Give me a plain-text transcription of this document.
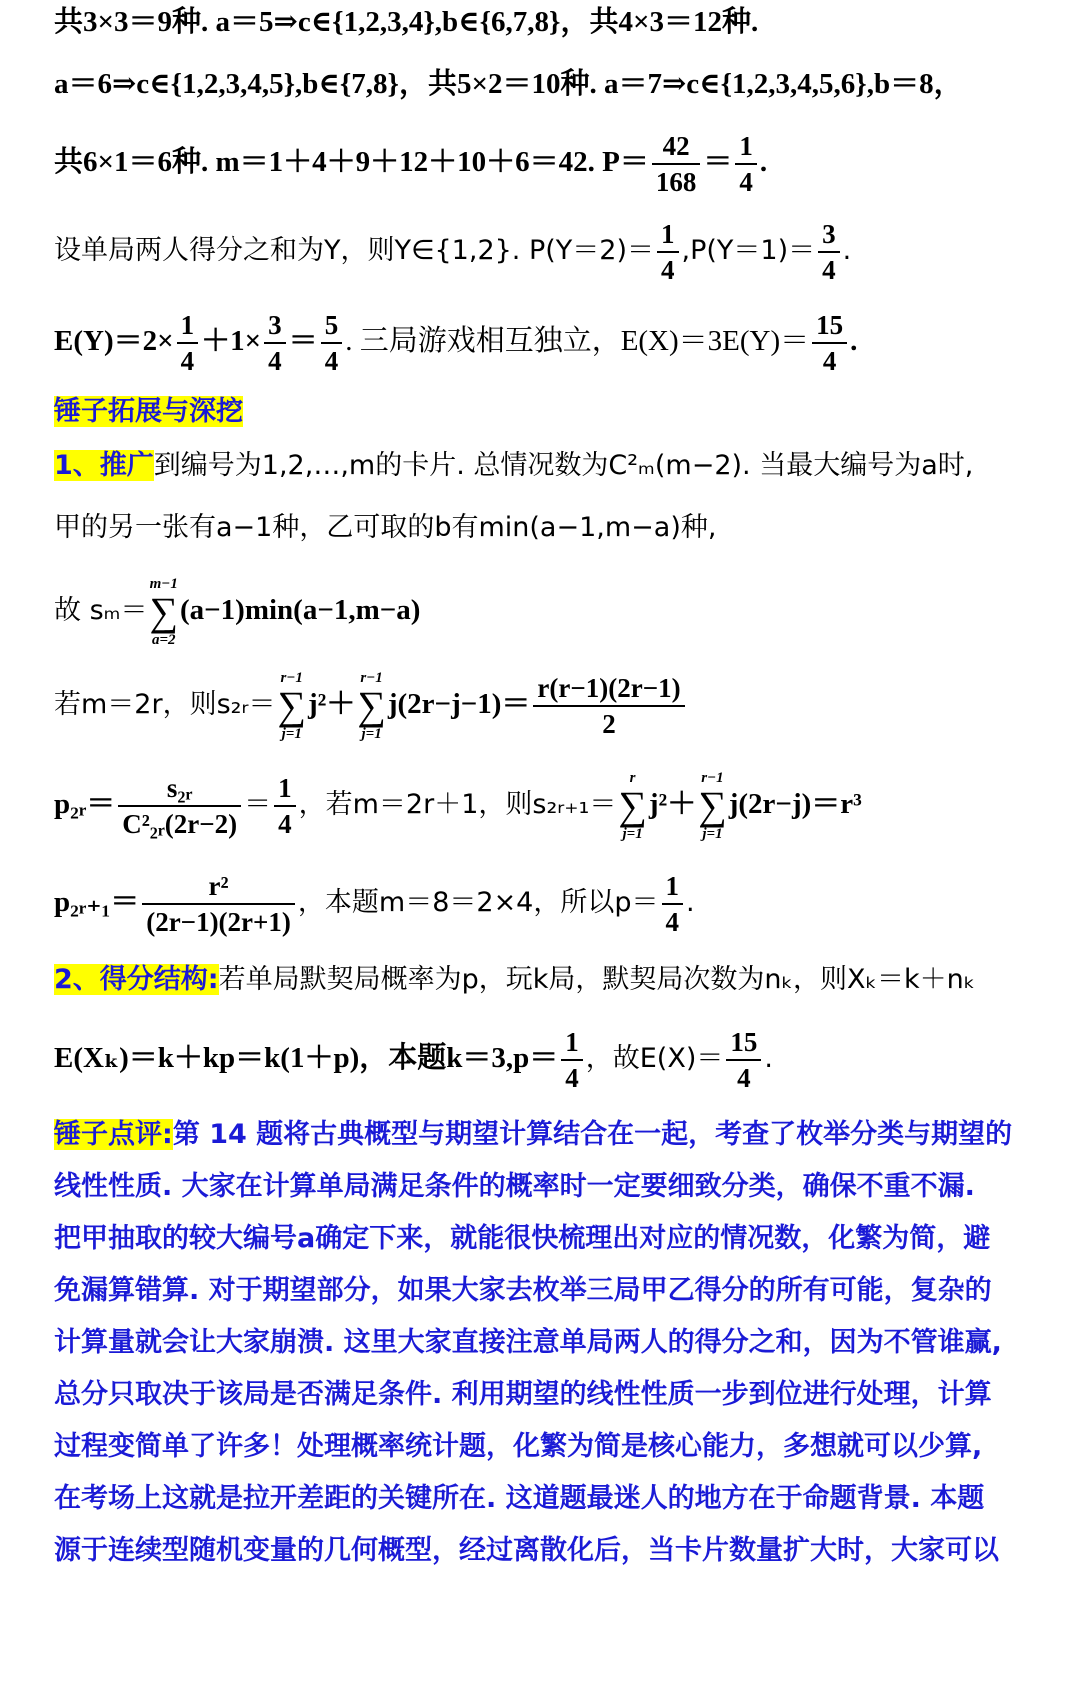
共3×3＝9种. a＝5⇒c∈{1,2,3,4},b∈{6,7,8}，共4×3＝12种.
a＝6⇒c∈{1,2,3,4,5},b∈{7,8}，共5×2＝10种. a＝7⇒c∈{1,2,3,4,5,6},b＝8，
共6×1＝6种. m＝1＋4＋9＋12＋10＋6＝42. $P= \frac{42}{168} = \frac{1}{4}$ .
设单局两人得分之和为Y，则Y∈{1,2}. $P(Y=2)= \frac{1}{4} ,P(Y=1)= \frac{3}{4}$ .
$E(Y)=2\times \frac{1}{4} +1\times \frac{3}{4} = \frac{5}{4}$ . 三局游戏相互独立，$E(X)=3E(Y)= \frac{15}{4}$ .
锤子拓展与深挖
1、推广到编号为1,2,…,m的卡片. 总情况数为C²ₘ(m−2). 当最大编号为a时,
甲的另一张有a−1种，乙可取的b有min(a−1,m−a)种,
故 sₘ＝
m−1
∑
a=2
(a−1)min(a−1,m−a)
若m＝2r，则s₂ᵣ＝
r−1
∑
j=1
j²＋
r−1
∑
j=1
$j(2r-j-1)= \frac{r(r-1)(2r-1)}{2}$
p₂ᵣ＝ $\frac{\text{s₂ᵣ}}{\text{C²₂ᵣ(2r−2)}} = \frac{1}{4}$ ，若m＝2r＋1，则s₂ᵣ₊₁＝
r
∑
j=1
j²＋
r−1
∑
j=1
j(2r−j)＝r³
p₂ᵣ₊₁＝ $\frac{\text{r²}}{(2r-1)(2r+1)}$ ，本题m＝8＝2×4，所以$p= \frac{1}{4}$ .
2、得分结构:若单局默契局概率为p，玩k局，默契局次数为nₖ，则Xₖ＝k＋nₖ
E(Xₖ)＝k＋kp＝k(1＋p)，本题$k=3,p= \frac{1}{4}$ ，故$E(X)= \frac{15}{4}$ .
锤子点评:第 14 题将古典概型与期望计算结合在一起，考查了枚举分类与期望的
线性性质. 大家在计算单局满足条件的概率时一定要细致分类，确保不重不漏.
把甲抽取的较大编号a确定下来，就能很快梳理出对应的情况数，化繁为简，避
免漏算错算. 对于期望部分，如果大家去枚举三局甲乙得分的所有可能，复杂的
计算量就会让大家崩溃. 这里大家直接注意单局两人的得分之和，因为不管谁赢,
总分只取决于该局是否满足条件. 利用期望的线性性质一步到位进行处理，计算
过程变简单了许多！处理概率统计题，化繁为简是核心能力，多想就可以少算,
在考场上这就是拉开差距的关键所在. 这道题最迷人的地方在于命题背景. 本题
源于连续型随机变量的几何概型，经过离散化后，当卡片数量扩大时，大家可以
